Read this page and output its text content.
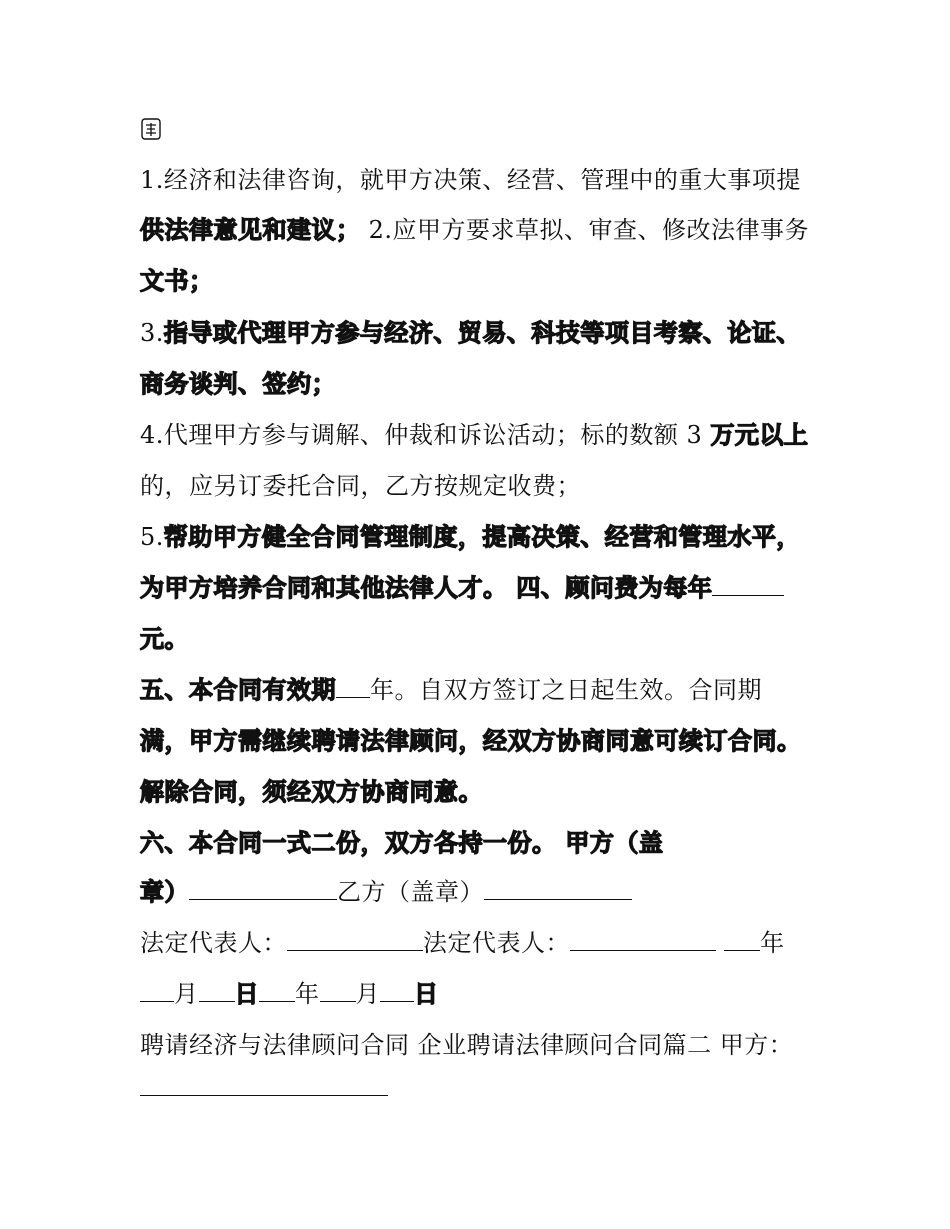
1.经济和法律咨询，就甲方决策、经营、管理中的重大事项提
供法律意见和建议； 2.应甲方要求草拟、审查、修改法律事务
文书；
3.指导或代理甲方参与经济、贸易、科技等项目考察、论证、
商务谈判、签约；
4.代理甲方参与调解、仲裁和诉讼活动；标的数额 3 万元以上
的，应另订委托合同，乙方按规定收费；
5.帮助甲方健全合同管理制度，提高决策、经营和管理水平，
为甲方培养合同和其他法律人才。 四、顾问费为每年
元。
五、本合同有效期 年。自双方签订之日起生效。合同期
满，甲方需继续聘请法律顾问，经双方协商同意可续订合同。
解除合同，须经双方协商同意。
六、本合同一式二份，双方各持一份。 甲方（盖
章）	乙方（盖章）
法定代表人：	法定代表人：	年
月 日 年 月 日
聘请经济与法律顾问合同 企业聘请法律顾问合同篇二 甲方：
